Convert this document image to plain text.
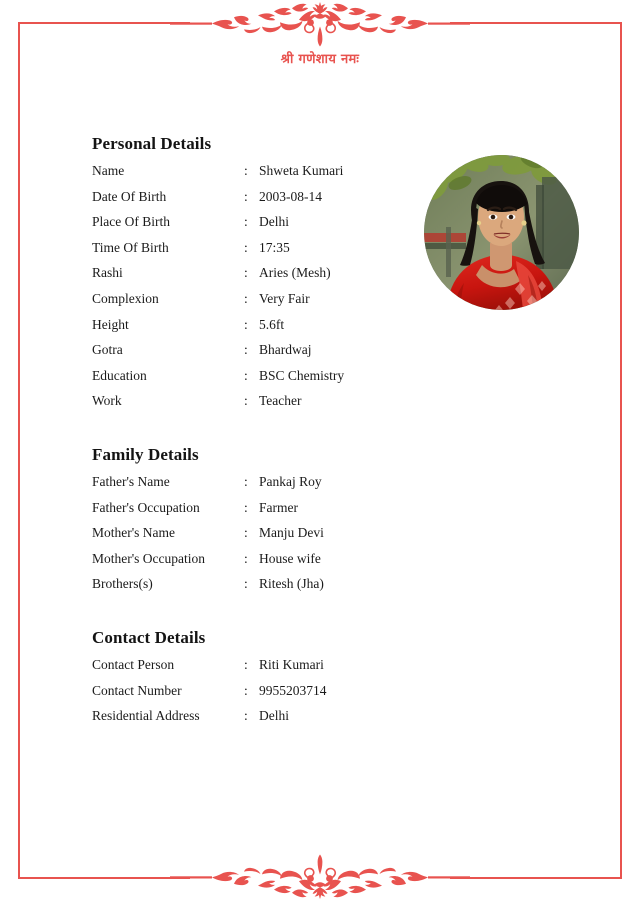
श्री गणेशाय नमः
Personal Details
Name	: Shweta Kumari
Date Of Birth	: 2003-08-14
Place Of Birth	: Delhi
Time Of Birth	: 17:35
Rashi	: Aries (Mesh)
Complexion	: Very Fair
Height	: 5.6ft
Gotra	: Bhardwaj
Education	: BSC Chemistry
Work	: Teacher
Family Details
Father's Name	: Pankaj Roy
Father's Occupation	: Farmer
Mother's Name	: Manju Devi
Mother's Occupation	: House wife
Brothers(s)	: Ritesh (Jha)
Contact Details
Contact Person	: Riti Kumari
Contact Number	: 9955203714
Residential Address	: Delhi
